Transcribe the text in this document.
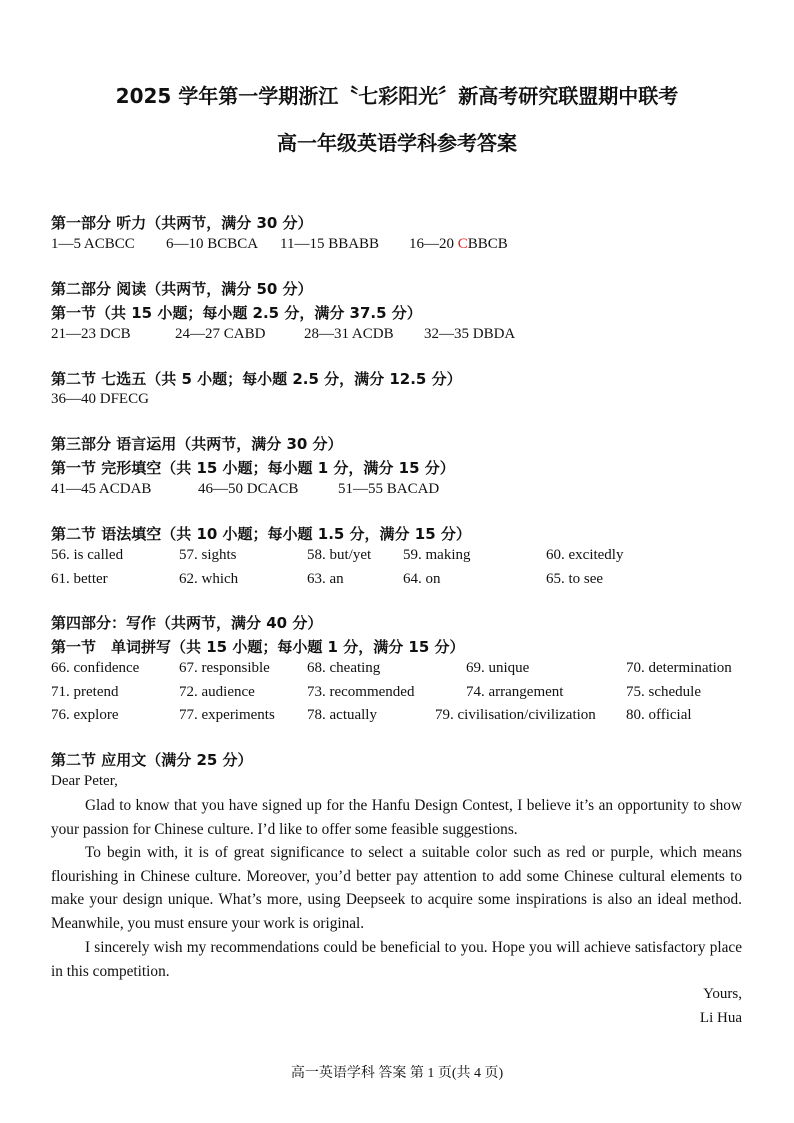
2025 学年第一学期浙江〝七彩阳光〞新高考研究联盟期中联考
高一年级英语学科参考答案
第一部分 听力（共两节，满分 30 分）
1—5 ACBCC 6—10 BCBCA 11—15 BBABB 16—20 CBBCB
第二部分 阅读（共两节，满分 50 分）
第一节（共 15 小题；每小题 2.5 分，满分 37.5 分）
21—23 DCB	24—27 CABD	28—31 ACDB 32—35 DBDA
第二节 七选五（共 5 小题；每小题 2.5 分，满分 12.5 分）
36—40 DFECG
第三部分 语言运用（共两节，满分 30 分）
第一节 完形填空（共 15 小题；每小题 1 分，满分 15 分）
41—45 ACDAB	46—50 DCACB	51—55 BACAD
第二节 语法填空（共 10 小题；每小题 1.5 分，满分 15 分）
56. is called	57. sights	58. but/yet 59. making	60. excitedly
61. better	62. which	63. an	64. on	65. to see
第四部分：写作（共两节，满分 40 分）
第一节　单词拼写（共 15 小题；每小题 1 分，满分 15 分）
66. confidence	67. responsible 68. cheating	69. unique	70. determination
71. pretend	72. audience	73. recommended	74. arrangement	75. schedule
76. explore	77. experiments 78. actually	79. civilisation/civilization 80. official
第二节 应用文（满分 25 分）
Dear Peter,
Glad to know that you have signed up for the Hanfu Design Contest, I believe it’s an opportunity to show your passion for Chinese culture. I’d like to offer some feasible suggestions.
To begin with, it is of great significance to select a suitable color such as red or purple, which means flourishing in Chinese culture. Moreover, you’d better pay attention to add some Chinese cultural elements to make your design unique. What’s more, using Deepseek to acquire some inspirations is also an ideal method. Meanwhile, you must ensure your work is original.
I sincerely wish my recommendations could be beneficial to you. Hope you will achieve satisfactory place in this competition.
Yours,
Li Hua
高一英语学科 答案 第 1 页(共 4 页)
